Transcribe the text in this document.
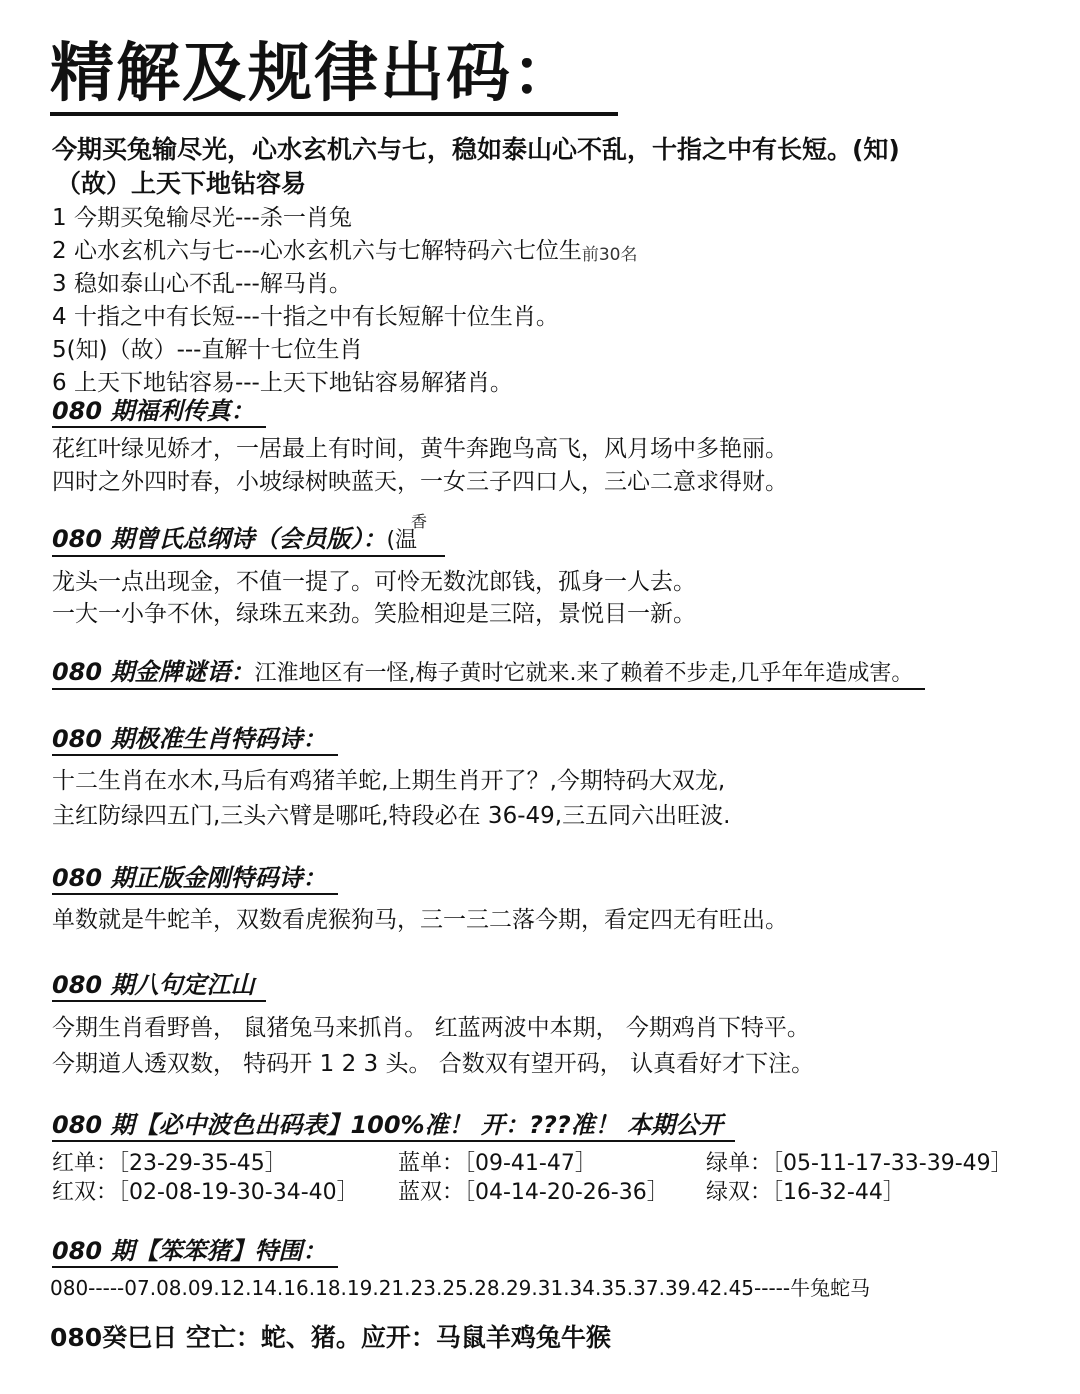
精解及规律出码：
今期买兔输尽光，心水玄机六与七，稳如泰山心不乱，十指之中有长短。(知)
（故）上天下地钻容易
1 今期买兔输尽光---杀一肖兔
2 心水玄机六与七---心水玄机六与七解特码六七位生前30名
3 稳如泰山心不乱---解马肖。
4 十指之中有长短---十指之中有长短解十位生肖。
5(知)（故）---直解十七位生肖
6 上天下地钻容易---上天下地钻容易解猪肖。
080 期福利传真：
花红叶绿见娇才，一居最上有时间，黄牛奔跑鸟高飞，风月场中多艳丽。
四时之外四时春，小坡绿树映蓝天，一女三子四口人，三心二意求得财。
080 期曾氏总纲诗（会员版）：(温$^香$
龙头一点出现金，不值一提了。可怜无数沈郎钱，孤身一人去。
一大一小争不休，绿珠五来劲。笑脸相迎是三陪，景悦目一新。
080 期金牌谜语：江淮地区有一怪,梅子黄时它就来.来了赖着不步走,几乎年年造成害。
080 期极准生肖特码诗：
十二生肖在水木,马后有鸡猪羊蛇,上期生肖开了？,今期特码大双龙,
主红防绿四五门,三头六臂是哪吒,特段必在 36-49,三五同六出旺波.
080 期正版金刚特码诗：
单数就是牛蛇羊，双数看虎猴狗马，三一三二落今期，看定四无有旺出。
080 期八句定江山
今期生肖看野兽， 鼠猪兔马来抓肖。 红蓝两波中本期， 今期鸡肖下特平。
今期道人透双数， 特码开 1 2 3 头。 合数双有望开码， 认真看好才下注。
080 期【必中波色出码表】100%准！ 开：???准！ 本期公开
红单：［23-29-35-45］	蓝单：［09-41-47］	绿单：［05-11-17-33-39-49］
红双：［02-08-19-30-34-40］ 蓝双：［04-14-20-26-36］ 绿双：［16-32-44］
080 期【笨笨猪】特围：
080-----07.08.09.12.14.16.18.19.21.23.25.28.29.31.34.35.37.39.42.45-----牛兔蛇马
080癸巳日 空亡：蛇、猪。应开：马鼠羊鸡兔牛猴
